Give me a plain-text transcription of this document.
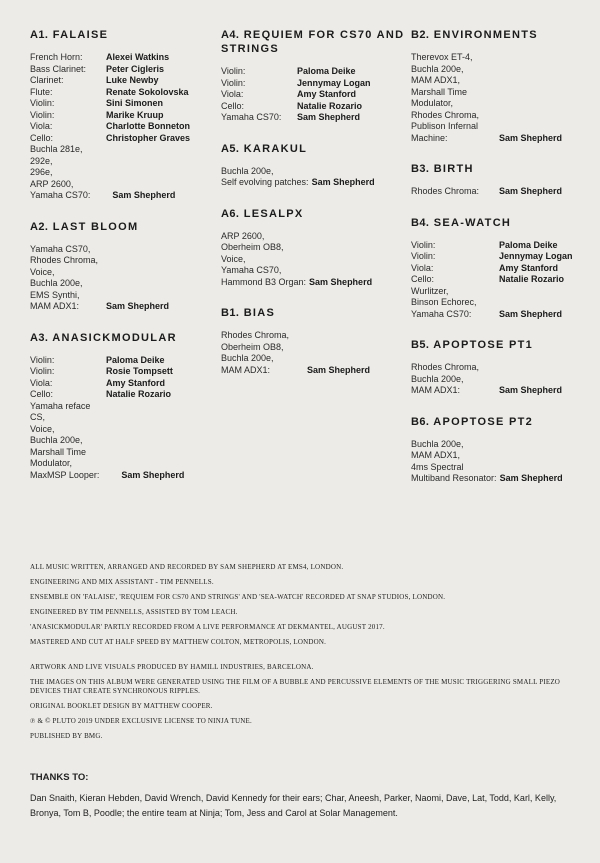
A1. FALAISE
French Horn:	Alexei Watkins
Bass Clarinet:	Peter Cigleris
Clarinet:	Luke Newby
Flute:	Renate Sokolovska
Violin:	Sini Simonen
Violin:	Marike Kruup
Viola:	Charlotte Bonneton
Cello:	Christopher Graves
Buchla 281e,
292e,
296e,
ARP 2600,
Yamaha CS70: Sam Shepherd
A2. LAST BLOOM
Yamaha CS70,
Rhodes Chroma,
Voice,
Buchla 200e,
EMS Synthi,
MAM ADX1:	Sam Shepherd
A3. ANASICKMODULAR
Violin:	Paloma Deike
Violin:	Rosie Tompsett
Viola:	Amy Stanford
Cello:	Natalie Rozario
Yamaha reface CS,
Voice,
Buchla 200e,
Marshall Time
Modulator,
MaxMSP Looper: Sam Shepherd
A4. REQUIEM FOR CS70 AND STRINGS
Violin:	Paloma Deike
Violin:	Jennymay Logan
Viola:	Amy Stanford
Cello:	Natalie Rozario
Yamaha CS70:	Sam Shepherd
A5. KARAKUL
Buchla 200e,
Self evolving patches: Sam Shepherd
A6. LESALPX
ARP 2600,
Oberheim OB8,
Voice,
Yamaha CS70,
Hammond B3 Organ: Sam Shepherd
B1. BIAS
Rhodes Chroma,
Oberheim OB8,
Buchla 200e,
MAM ADX1:	Sam Shepherd
B2. ENVIRONMENTS
Therevox ET-4,
Buchla 200e,
MAM ADX1,
Marshall Time
Modulator,
Rhodes Chroma,
Publison Infernal
Machine:	Sam Shepherd
B3. BIRTH
Rhodes Chroma:	Sam Shepherd
B4. SEA-WATCH
Violin:	Paloma Deike
Violin:	Jennymay Logan
Viola:	Amy Stanford
Cello:	Natalie Rozario
Wurlitzer,
Binson Echorec,
Yamaha CS70:	Sam Shepherd
B5. APOPTOSE PT1
Rhodes Chroma,
Buchla 200e,
MAM ADX1:	Sam Shepherd
B6. APOPTOSE PT2
Buchla 200e,
MAM ADX1,
4ms Spectral
Multiband Resonator: Sam Shepherd

ALL MUSIC WRITTEN, ARRANGED AND RECORDED BY SAM SHEPHERD AT EMS4, LONDON.

ENGINEERING AND MIX ASSISTANT - TIM PENNELLS.

ENSEMBLE ON 'FALAISE', 'REQUIEM FOR CS70 AND STRINGS' AND 'SEA-WATCH' RECORDED AT SNAP STUDIOS, LONDON.

ENGINEERED BY TIM PENNELLS, ASSISTED BY TOM LEACH.

'ANASICKMODULAR' PARTLY RECORDED FROM A LIVE PERFORMANCE AT DEKMANTEL, AUGUST 2017.

MASTERED AND CUT AT HALF SPEED BY MATTHEW COLTON, METROPOLIS, LONDON.

ARTWORK AND LIVE VISUALS PRODUCED BY HAMILL INDUSTRIES, BARCELONA.

THE IMAGES ON THIS ALBUM WERE GENERATED USING THE FILM OF A BUBBLE AND PERCUSSIVE ELEMENTS OF THE MUSIC TRIGGERING SMALL PIEZO DEVICES THAT CREATE SYNCHRONOUS RIPPLES.

ORIGINAL BOOKLET DESIGN BY MATTHEW COOPER.

℗ & © PLUTO 2019 UNDER EXCLUSIVE LICENSE TO NINJA TUNE.

PUBLISHED BY BMG.

THANKS TO:
Dan Snaith, Kieran Hebden, David Wrench, David Kennedy for their ears; Char, Aneesh, Parker, Naomi, Dave, Lat, Todd, Karl, Kelly, Bronya, Tom B, Poodle; the entire team at Ninja; Tom, Jess and Carol at Solar Management.
